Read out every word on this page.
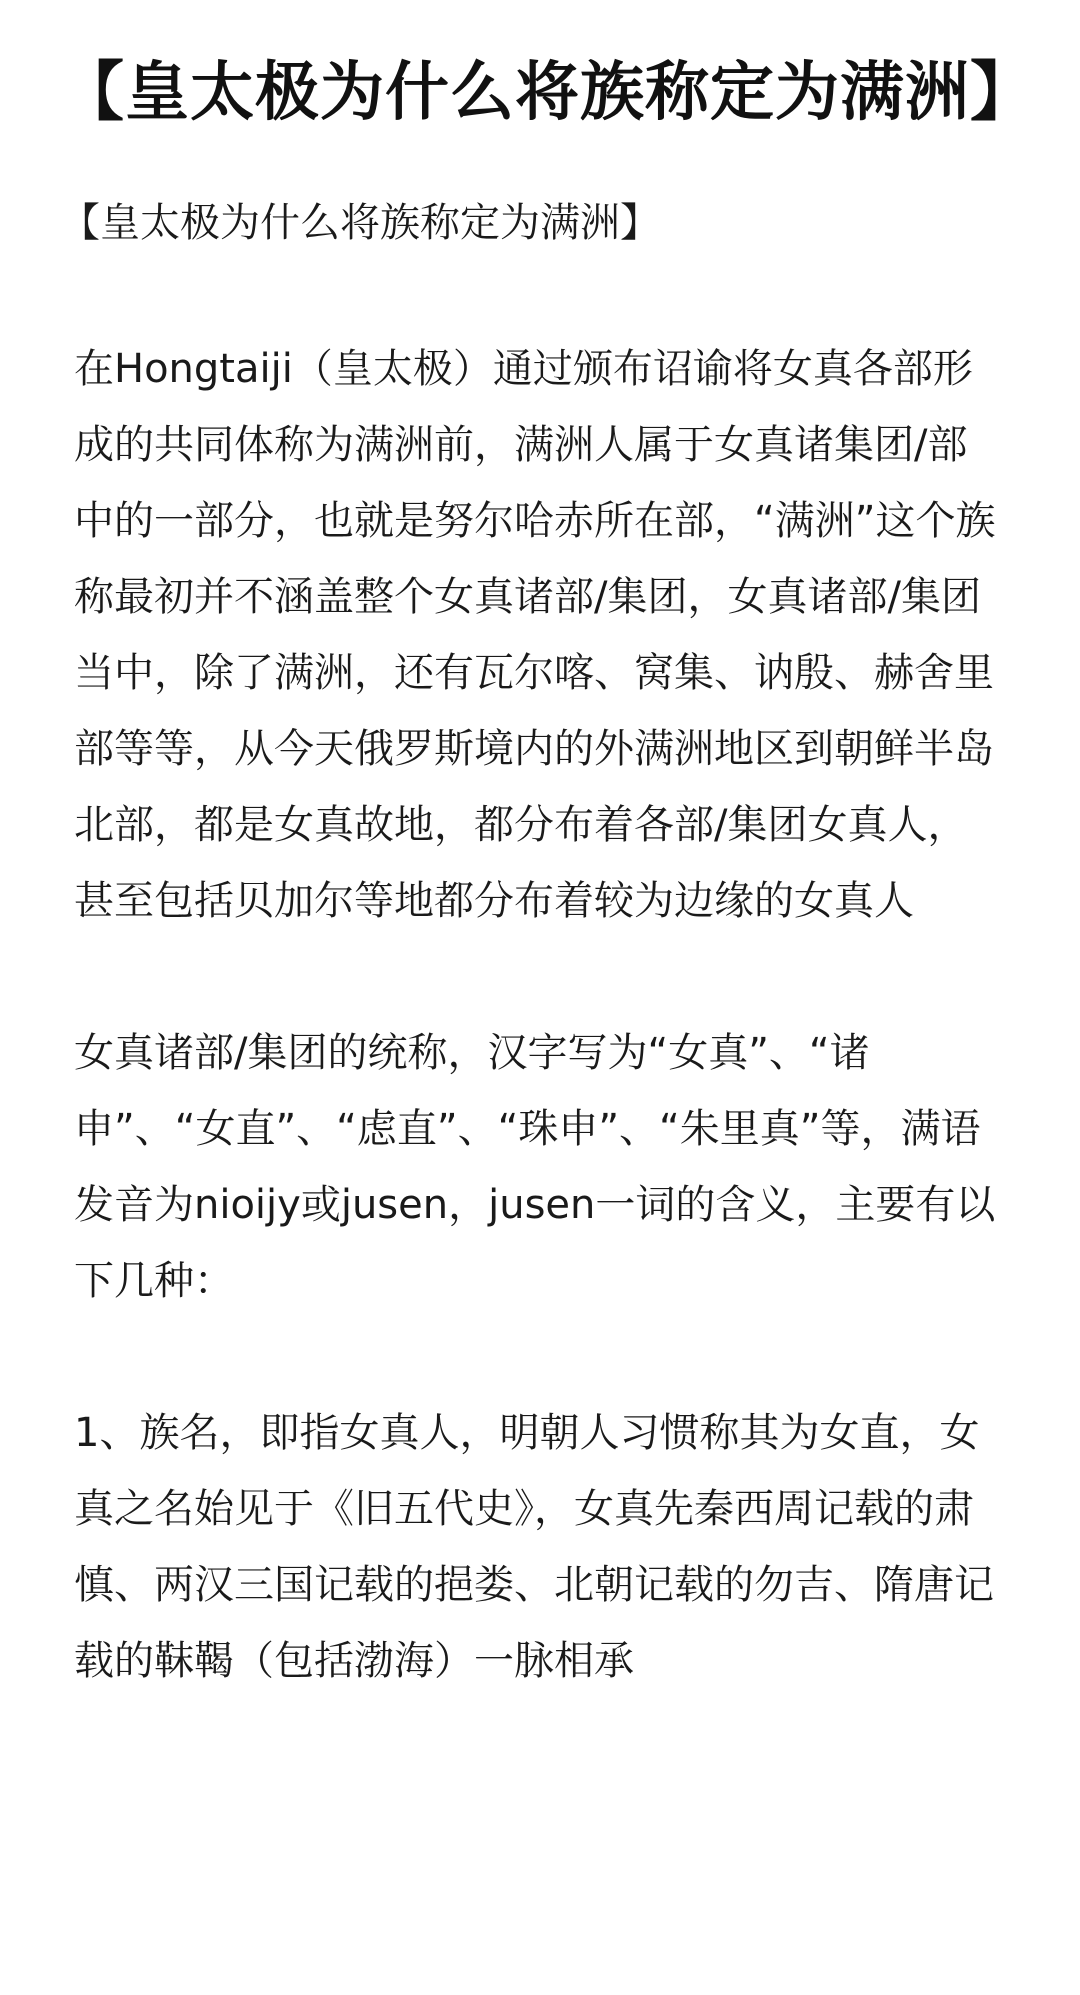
【皇太极为什么将族称定为满洲】
【皇太极为什么将族称定为满洲】

在Hongtaiji（皇太极）通过颁布诏谕将女真各部形成的共同体称为满洲前，满洲人属于女真诸集团/部中的一部分，也就是努尔哈赤所在部，“满洲”这个族称最初并不涵盖整个女真诸部/集团，女真诸部/集团当中，除了满洲，还有瓦尔喀、窝集、讷殷、赫舍里部等等，从今天俄罗斯境内的外满洲地区到朝鲜半岛北部，都是女真故地，都分布着各部/集团女真人，甚至包括贝加尔等地都分布着较为边缘的女真人

女真诸部/集团的统称，汉字写为“女真”、“诸申”、“女直”、“虑直”、“珠申”、“朱里真”等，满语发音为nioijy或jusen，jusen一词的含义，主要有以下几种：

1、族名，即指女真人，明朝人习惯称其为女直，女真之名始见于《旧五代史》，女真先秦西周记载的肃慎、两汉三国记载的挹娄、北朝记载的勿吉、隋唐记载的靺鞨（包括渤海）一脉相承
